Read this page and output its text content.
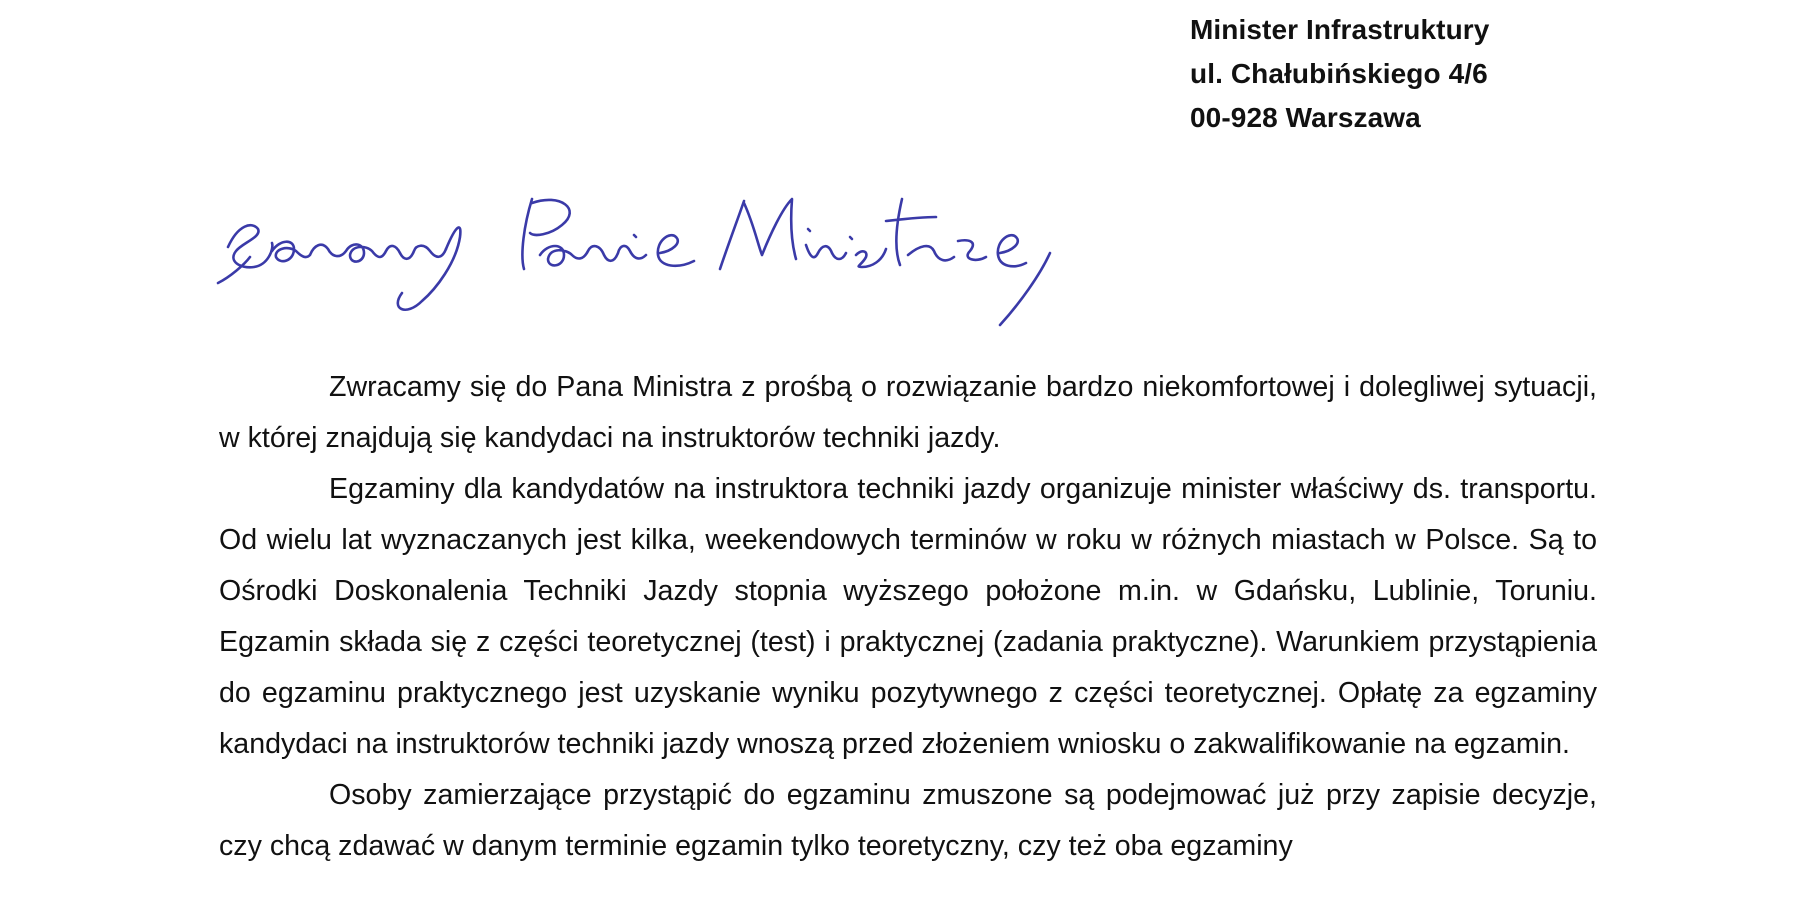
Minister Infrastruktury
ul. Chałubińskiego 4/6
00-928 Warszawa

Zwracamy się do Pana Ministra z prośbą o rozwiązanie bardzo niekomfortowej i dolegliwej sytuacji, w której znajdują się kandydaci na instruktorów techniki jazdy.

Egzaminy dla kandydatów na instruktora techniki jazdy organizuje minister właściwy ds. transportu. Od wielu lat wyznaczanych jest kilka, weekendowych terminów w roku w różnych miastach w Polsce. Są to Ośrodki Doskonalenia Techniki Jazdy stopnia wyższego położone m.in. w Gdańsku, Lublinie, Toruniu. Egzamin składa się z części teoretycznej (test) i praktycznej (zadania praktyczne). Warunkiem przystąpienia do egzaminu praktycznego jest uzyskanie wyniku pozytywnego z części teoretycznej. Opłatę za egzaminy kandydaci na instruktorów techniki jazdy wnoszą przed złożeniem wniosku o zakwalifikowanie na egzamin.

Osoby zamierzające przystąpić do egzaminu zmuszone są podejmować już przy zapisie decyzje, czy chcą zdawać w danym terminie egzamin tylko teoretyczny, czy też oba egzaminy
